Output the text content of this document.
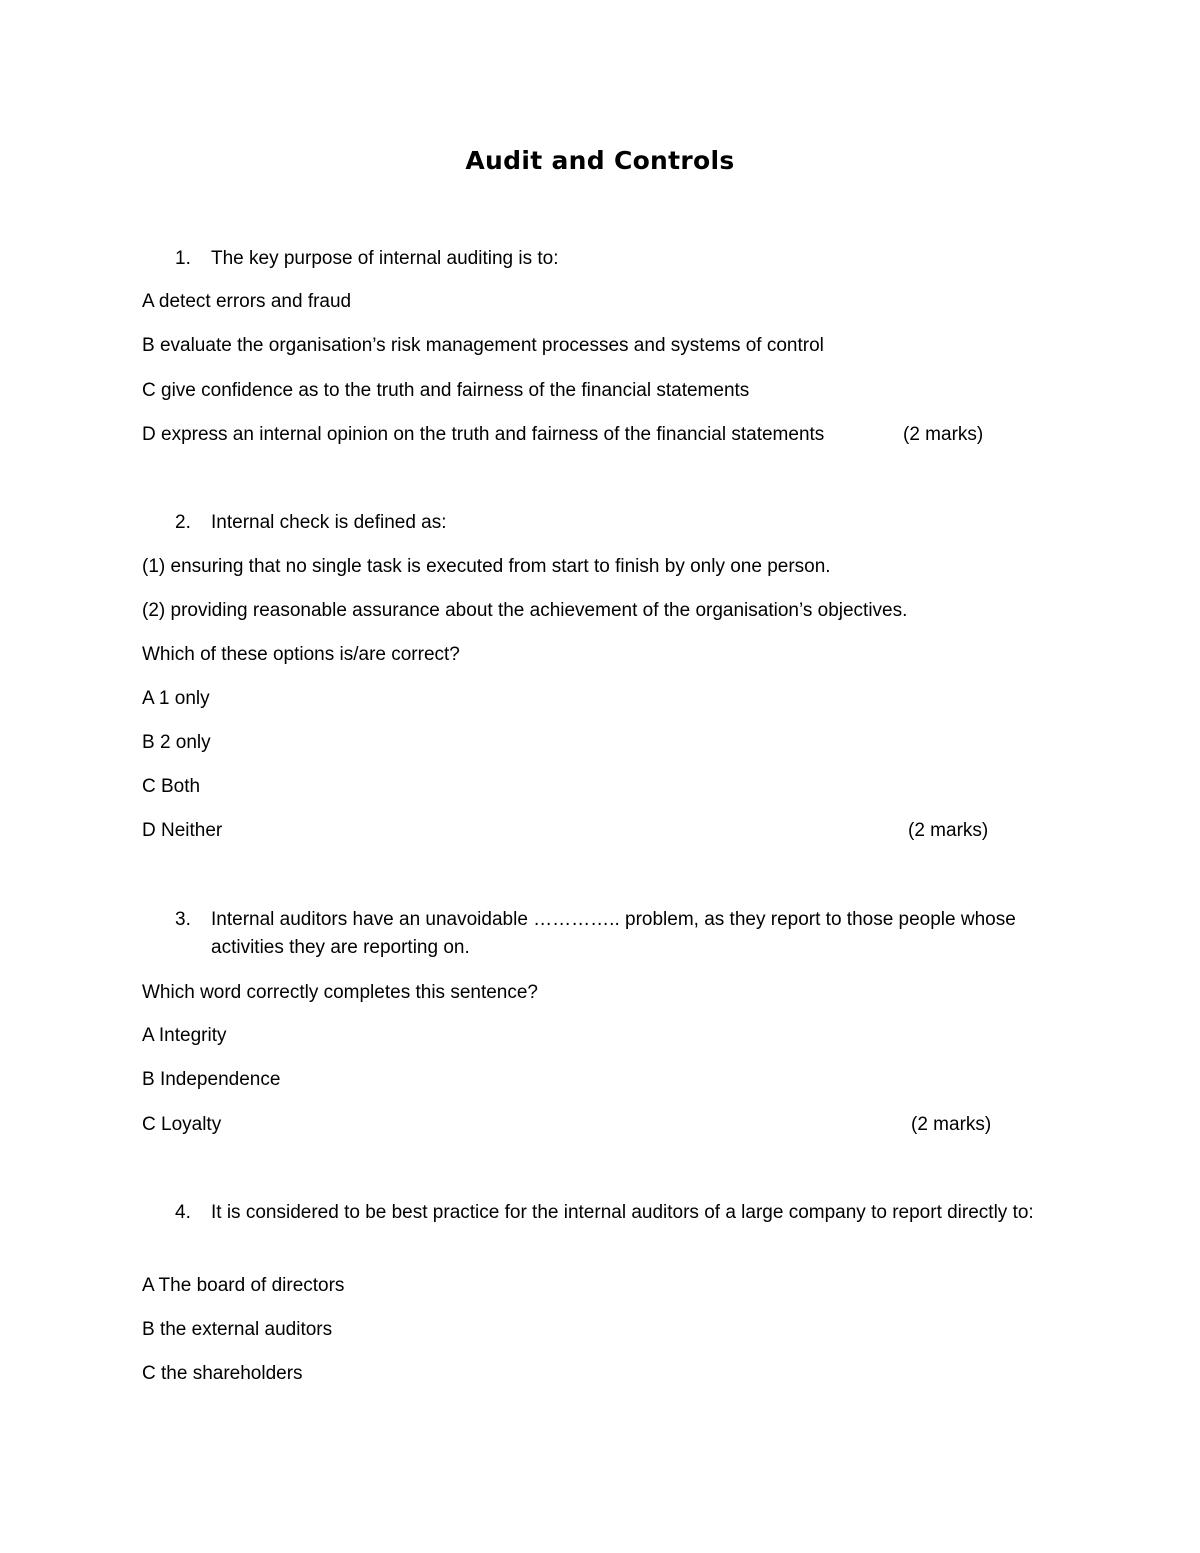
Audit and Controls
1. The key purpose of internal auditing is to:
A detect errors and fraud
B evaluate the organisation’s risk management processes and systems of control
C give confidence as to the truth and fairness of the financial statements
D express an internal opinion on the truth and fairness of the financial statements	(2 marks)
2. Internal check is defined as:
(1) ensuring that no single task is executed from start to finish by only one person.
(2) providing reasonable assurance about the achievement of the organisation’s objectives.
Which of these options is/are correct?
A 1 only
B 2 only
C Both
D Neither	(2 marks)
3. Internal auditors have an unavoidable ………….. problem, as they report to those people whose activities they are reporting on.
Which word correctly completes this sentence?
A Integrity
B Independence
C Loyalty	(2 marks)
4. It is considered to be best practice for the internal auditors of a large company to report directly to:
A The board of directors
B the external auditors
C the shareholders
